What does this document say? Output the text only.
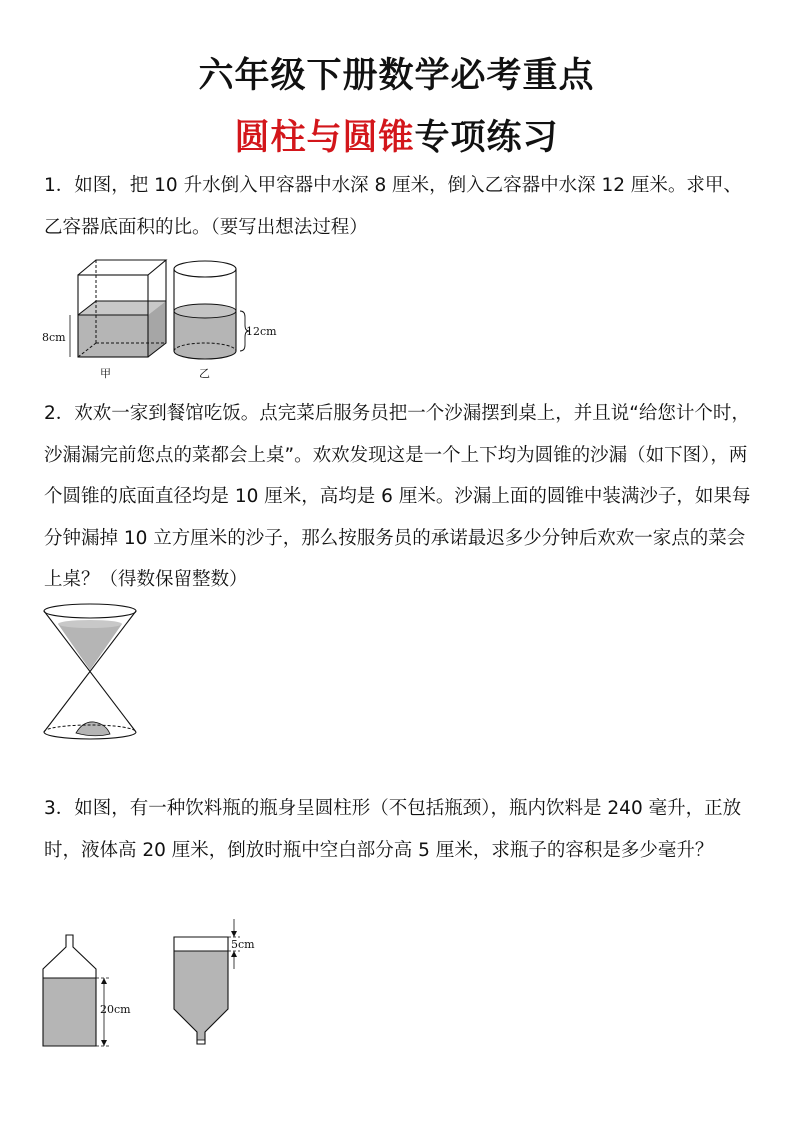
六年级下册数学必考重点
圆柱与圆锥专项练习

1．如图，把 10 升水倒入甲容器中水深 8 厘米，倒入乙容器中水深 12 厘米。求甲、乙容器底面积的比。（要写出想法过程）

8cm
甲
12cm
乙

2．欢欢一家到餐馆吃饭。点完菜后服务员把一个沙漏摆到桌上，并且说“给您计个时，沙漏漏完前您点的菜都会上桌”。欢欢发现这是一个上下均为圆锥的沙漏（如下图），两个圆锥的底面直径均是 10 厘米，高均是 6 厘米。沙漏上面的圆锥中装满沙子，如果每分钟漏掉 10 立方厘米的沙子，那么按服务员的承诺最迟多少分钟后欢欢一家点的菜会上桌？（得数保留整数）

3．如图，有一种饮料瓶的瓶身呈圆柱形（不包括瓶颈），瓶内饮料是 240 毫升，正放时，液体高 20 厘米，倒放时瓶中空白部分高 5 厘米，求瓶子的容积是多少毫升？

20cm
5cm
